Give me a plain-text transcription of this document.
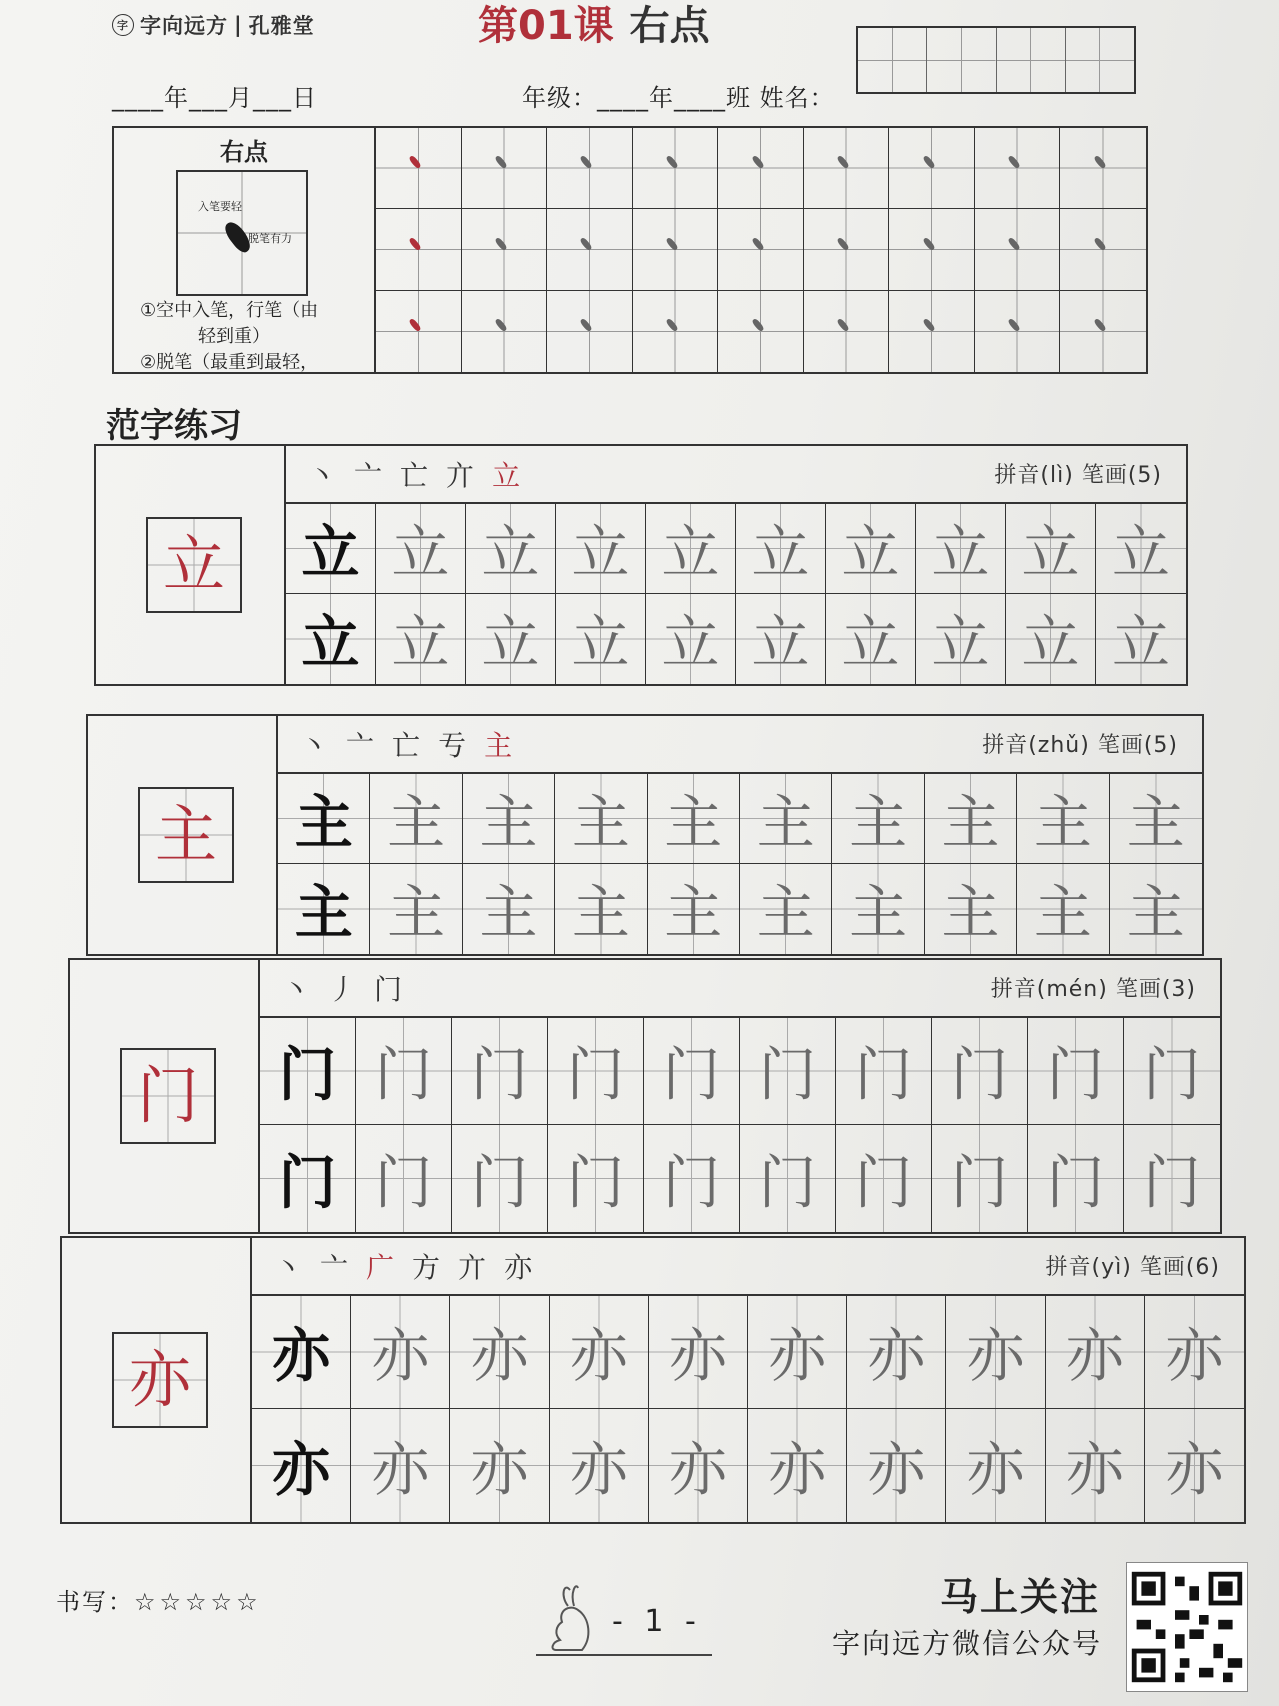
字 字向远方 | 孔雅堂	第01课 右点
____年___月___日	年级：____年____班 姓名：
右点
入笔要轻
脱笔有力
①空中入笔，行笔（由
轻到重）
②脱笔（最重到最轻，
范字练习
立
丶亠亡亣立	拼音(lì) 笔画(5)
立 立 立 立 立 立 立 立 立 立
立 立 立 立 立 立 立 立 立 立
主
丶亠亡亐主	拼音(zhǔ) 笔画(5)
主 主 主 主 主 主 主 主 主 主
主 主 主 主 主 主 主 主 主 主
门
丶丿门	拼音(mén) 笔画(3)
门 门 门 门 门 门 门 门 门 门
门 门 门 门 门 门 门 门 门 门
亦
丶亠广方亣亦	拼音(yì) 笔画(6)
亦 亦 亦 亦 亦 亦 亦 亦 亦 亦
亦 亦 亦 亦 亦 亦 亦 亦 亦 亦
书写：☆☆☆☆☆
- 1 -
马上关注
字向远方微信公众号
